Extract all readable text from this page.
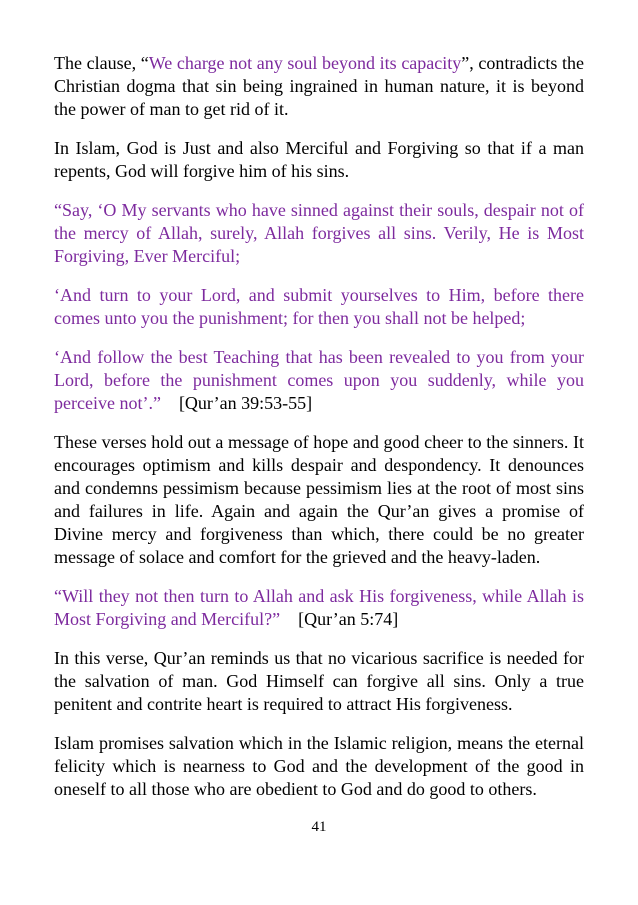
The clause, “We charge not any soul beyond its capacity”, contradicts the Christian dogma that sin being ingrained in human nature, it is beyond the power of man to get rid of it.

In Islam, God is Just and also Merciful and Forgiving so that if a man repents, God will forgive him of his sins.

“Say, ‘O My servants who have sinned against their souls, despair not of the mercy of Allah, surely, Allah forgives all sins. Verily, He is Most Forgiving, Ever Merciful;

‘And turn to your Lord, and submit yourselves to Him, before there comes unto you the punishment; for then you shall not be helped;

‘And follow the best Teaching that has been revealed to you from your Lord, before the punishment comes upon you suddenly, while you perceive not’.” [Qur’an 39:53-55]

These verses hold out a message of hope and good cheer to the sinners. It encourages optimism and kills despair and despondency. It denounces and condemns pessimism because pessimism lies at the root of most sins and failures in life. Again and again the Qur’an gives a promise of Divine mercy and forgiveness than which, there could be no greater message of solace and comfort for the grieved and the heavy-laden.

“Will they not then turn to Allah and ask His forgiveness, while Allah is Most Forgiving and Merciful?” [Qur’an 5:74]

In this verse, Qur’an reminds us that no vicarious sacrifice is needed for the salvation of man. God Himself can forgive all sins. Only a true penitent and contrite heart is required to attract His forgiveness.

Islam promises salvation which in the Islamic religion, means the eternal felicity which is nearness to God and the development of the good in oneself to all those who are obedient to God and do good to others.

41
